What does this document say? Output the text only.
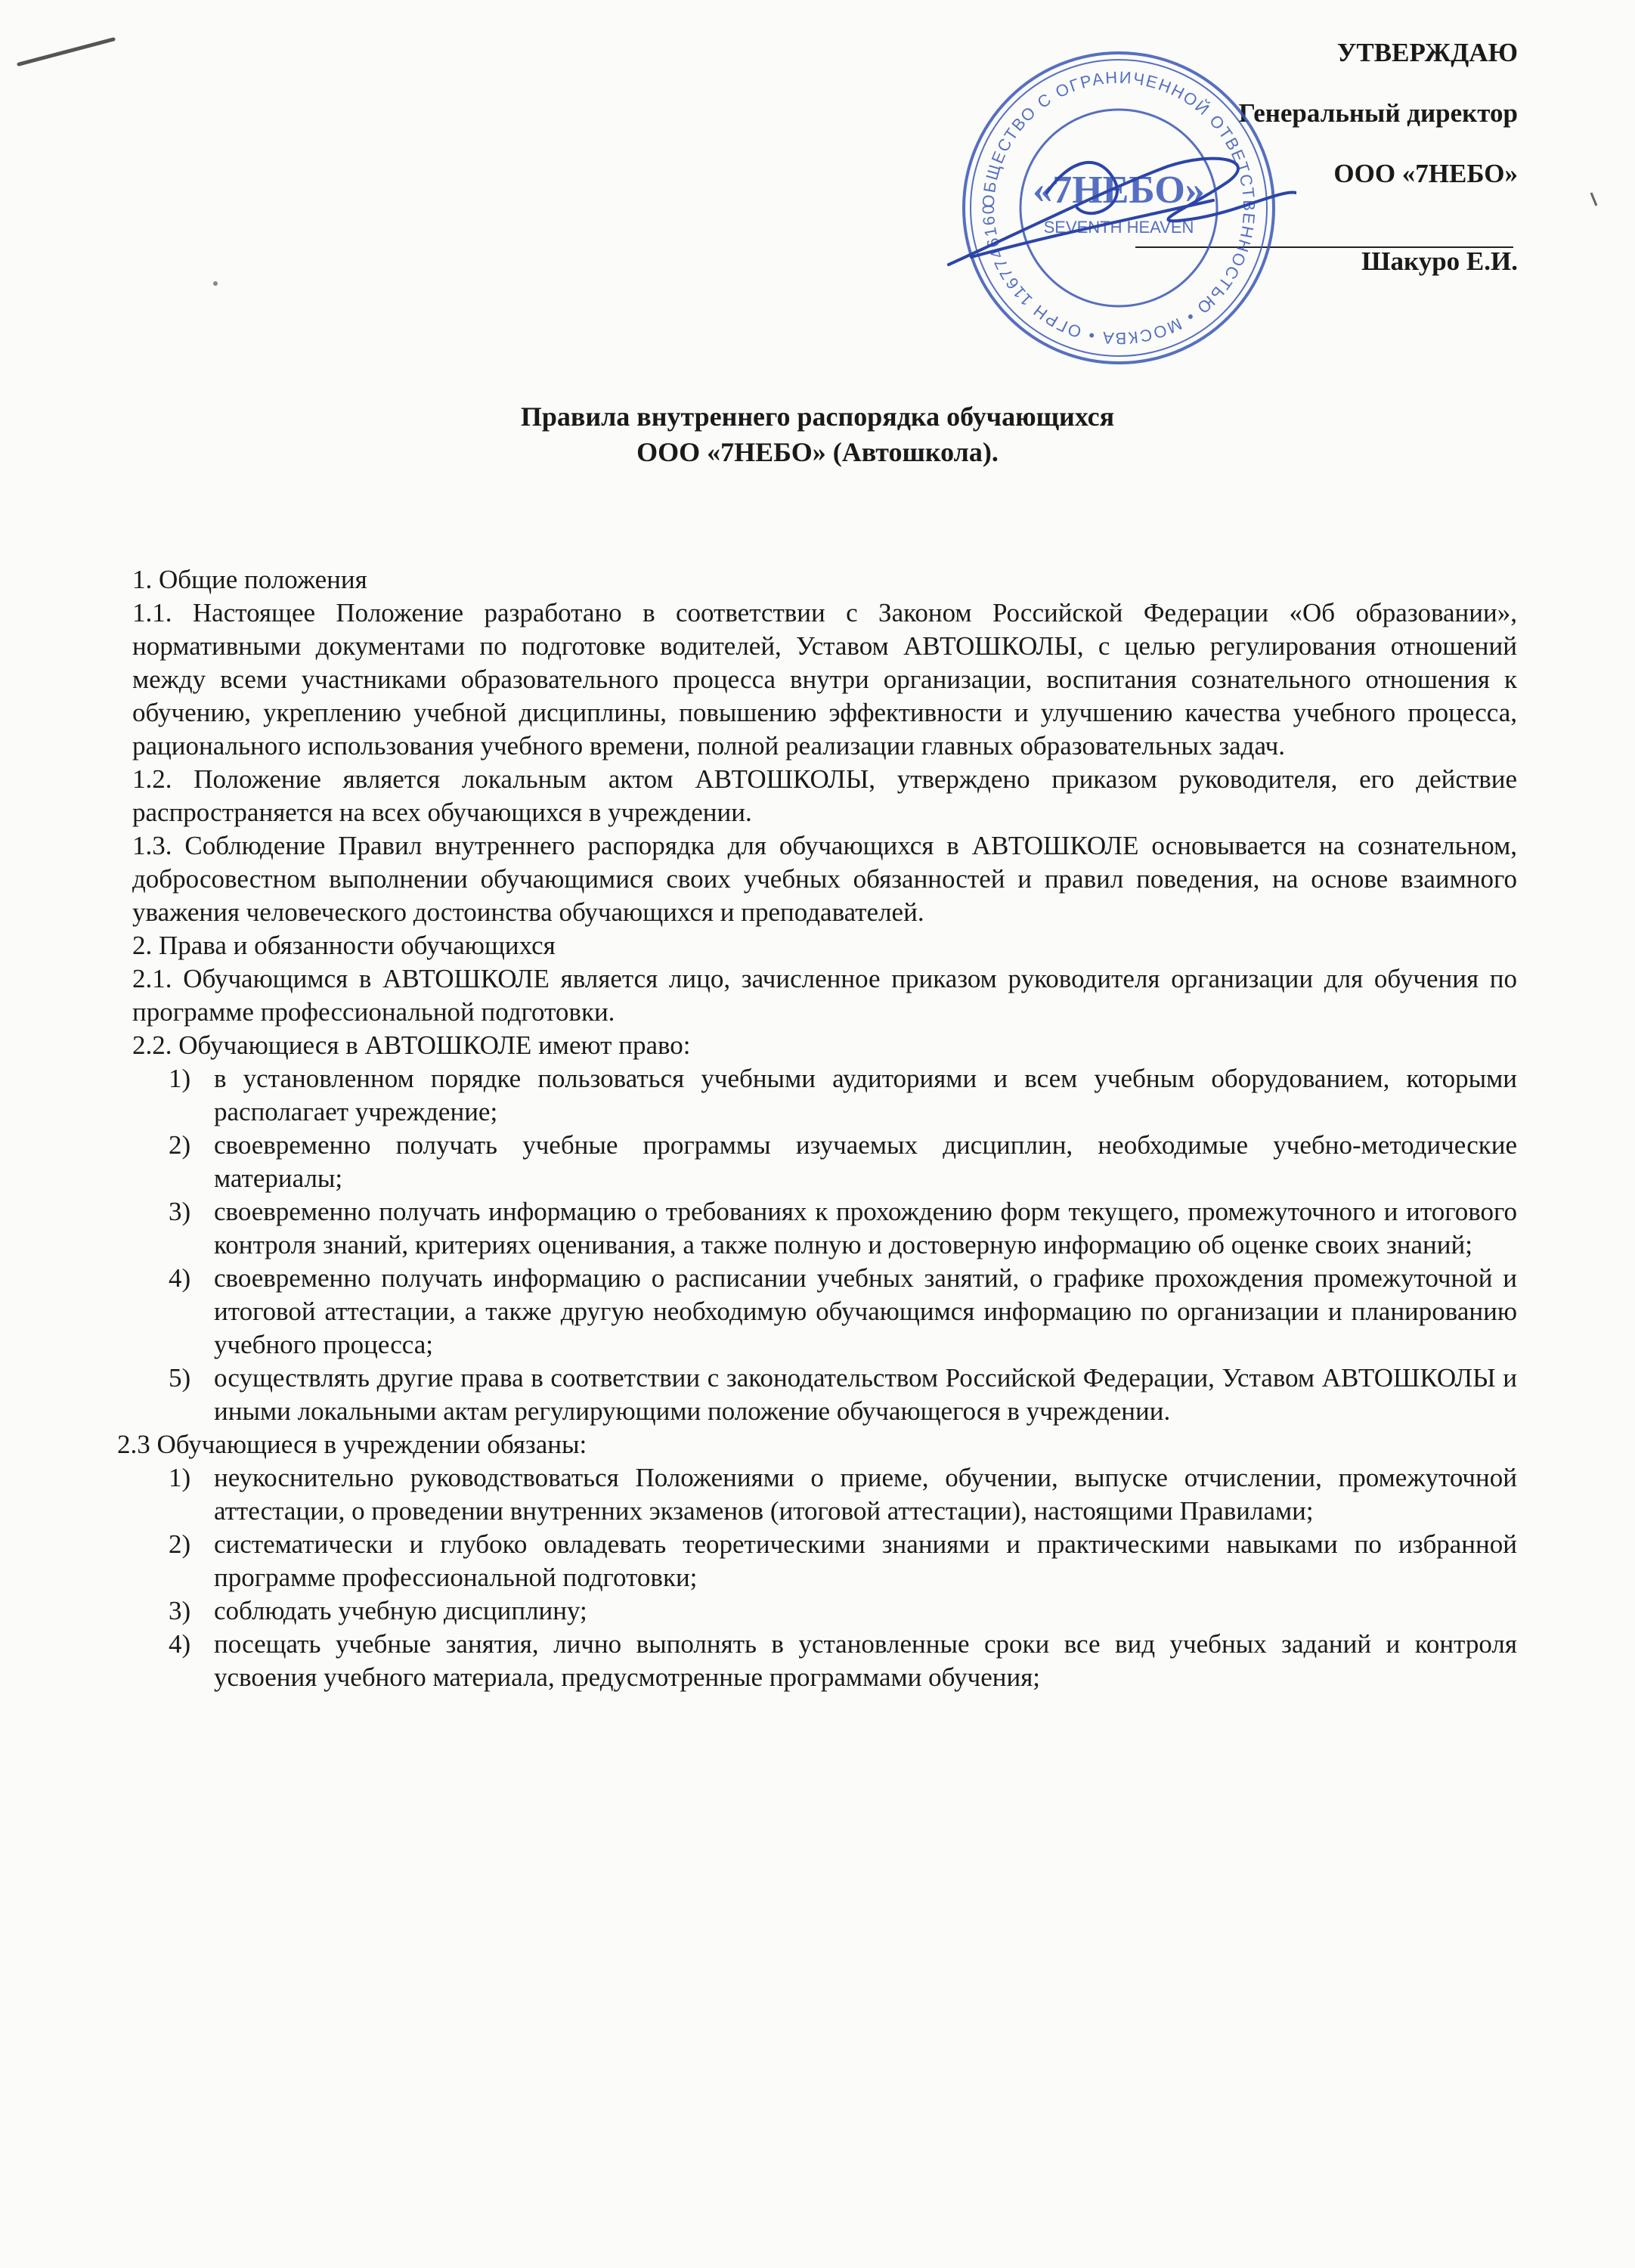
УТВЕРЖДАЮ
Генеральный директор
ООО «7НЕБО»
Шакуро Е.И.
ОБЩЕСТВО С ОГРАНИЧЕННОЙ ОТВЕТСТВЕННОСТЬЮ • МОСКВА • ОГРН 1167746160 «7НЕБО»
SEVENTH HEAVEN
Правила внутреннего распорядка обучающихся
ООО «7НЕБО» (Автошкола).

1. Общие положения

1.1. Настоящее Положение разработано в соответствии с Законом Российской Федерации «Об образовании», нормативными документами по подготовке водителей, Уставом АВТОШКОЛЫ, с целью регулирования отношений между всеми участниками образовательного процесса внутри организации, воспитания сознательного отношения к обучению, укреплению учебной дисциплины, повышению эффективности и улучшению качества учебного процесса, рационального использования учебного времени, полной реализации главных образовательных задач.

1.2. Положение является локальным актом АВТОШКОЛЫ, утверждено приказом руководителя, его действие распространяется на всех обучающихся в учреждении.

1.3. Соблюдение Правил внутреннего распорядка для обучающихся в АВТОШКОЛЕ основывается на сознательном, добросовестном выполнении обучающимися своих учебных обязанностей и правил поведения, на основе взаимного уважения человеческого достоинства обучающихся и преподавателей.

2. Права и обязанности обучающихся

2.1. Обучающимся в АВТОШКОЛЕ является лицо, зачисленное приказом руководителя организации для обучения по программе профессиональной подготовки.

2.2. Обучающиеся в АВТОШКОЛЕ имеют право:

1) в установленном порядке пользоваться учебными аудиториями и всем учебным оборудованием, которыми располагает учреждение;
2) своевременно получать учебные программы изучаемых дисциплин, необходимые учебно-методические материалы;
3) своевременно получать информацию о требованиях к прохождению форм текущего, промежуточного и итогового контроля знаний, критериях оценивания, а также полную и достоверную информацию об оценке своих знаний;
4) своевременно получать информацию о расписании учебных занятий, о графике прохождения промежуточной и итоговой аттестации, а также другую необходимую обучающимся информацию по организации и планированию учебного процесса;
5) осуществлять другие права в соответствии с законодательством Российской Федерации, Уставом АВТОШКОЛЫ и иными локальными актам регулирующими положение обучающегося в учреждении.

2.3 Обучающиеся в учреждении обязаны:

1) неукоснительно руководствоваться Положениями о приеме, обучении, выпуске отчислении, промежуточной аттестации, о проведении внутренних экзаменов (итоговой аттестации), настоящими Правилами;
2) систематически и глубоко овладевать теоретическими знаниями и практическими навыками по избранной программе профессиональной подготовки;
3) соблюдать учебную дисциплину;
4) посещать учебные занятия, лично выполнять в установленные сроки все вид учебных заданий и контроля усвоения учебного материала, предусмотренные программами обучения;
